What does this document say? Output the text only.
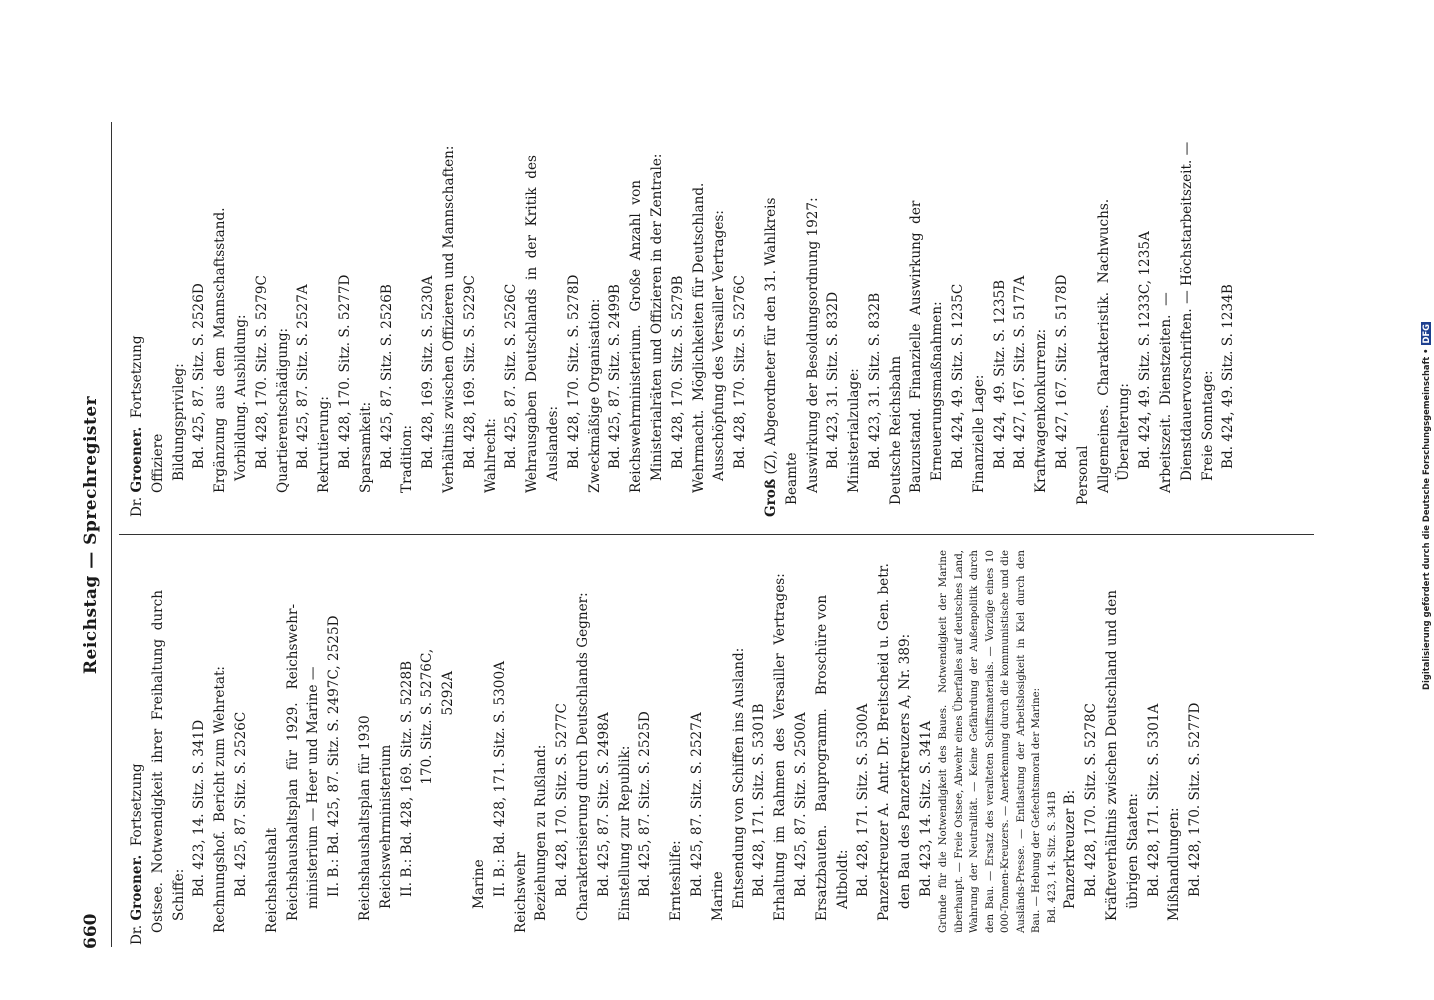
660
Reichstag — Sprechregister
Dr. Groener.  Fortsetzung Ostsee.  Notwendigkeit  ihrer  Freihaltung  durch Schiffe: Bd. 423, 14. Sitz. S. 341D Rechnungshof.  Bericht zum Wehretat: Bd. 425, 87. Sitz. S. 2526C Reichshaushalt Reichshaushaltsplan  für  1929.   Reichswehr- ministerium — Heer und Marine — II. B.: Bd. 425, 87. Sitz. S. 2497C, 2525D Reichshaushaltsplan für 1930 Reichswehrministerium II. B.: Bd. 428, 169. Sitz. S. 5228B 170. Sitz. S. 5276C, 5292A
Marine II. B.: Bd. 428, 171. Sitz. S. 5300A Reichswehr Beziehungen zu Rußland: Bd. 428, 170. Sitz. S. 5277C Charakterisierung durch Deutschlands Gegner: Bd. 425, 87. Sitz. S. 2498A Einstellung zur Republik: Bd. 425, 87. Sitz. S. 2525D Ernteshilfe: Bd. 425, 87. Sitz. S. 2527A Marine Entsendung von Schiffen ins Ausland: Bd. 428, 171. Sitz. S. 5301B Erhaltung  im  Rahmen  des  Versailler  Vertrages: Bd. 425, 87. Sitz. S. 2500A Ersatzbauten.   Bauprogramm.   Broschüre von Altboldt: Bd. 428, 171. Sitz. S. 5300A Panzerkreuzer A.  Antr. Dr. Breitscheid u. Gen. betr. den Bau des Panzerkreuzers A, Nr. 389: Bd. 423, 14. Sitz. S. 341A Gründe für die Notwendigkeit des Baues.  Notwendigkeit der Marine überhaupt. — Freie Ostsee, Abwehr eines Überfalles auf deutsches Land, Wahrung der Neutralität. — Keine Gefährdung der Außenpolitik durch den Bau. — Ersatz des veralteten Schiffsmaterials. — Vorzüge eines 10 000-Tonnen-Kreuzers. — Anerkennung durch die kommunistische und die Ausländs-Presse. — Entlastung der Arbeitslosigkeit in Kiel durch den Bau. — Hebung der Gefechtsmoral der Marine: Bd. 423, 14. Sitz. S. 341B Panzerkreuzer B: Bd. 428, 170. Sitz. S. 5278C Kräfteverhältnis zwischen Deutschland und den übrigen Staaten: Bd. 428, 171. Sitz. S. 5301A Mißhandlungen: Bd. 428, 170. Sitz. S. 5277D
Dr. Groener.  Fortsetzung
Offiziere Bildungsprivileg: Bd. 425, 87. Sitz. S. 2526D Ergänzung  aus  dem  Mannschaftsstand.  Vorbildung. Ausbildung: Bd. 428, 170. Sitz. S. 5279C Quartierentschädigung: Bd. 425, 87. Sitz. S. 2527A Rekrutierung: Bd. 428, 170. Sitz. S. 5277D Sparsamkeit: Bd. 425, 87. Sitz. S. 2526B Tradition: Bd. 428, 169. Sitz. S. 5230A Verhältnis zwischen Offizieren und Mannschaften: Bd. 428, 169. Sitz. S. 5229C Wahlrecht: Bd. 425, 87. Sitz. S. 2526C Wehrausgaben  Deutschlands  in  der  Kritik  des Auslandes: Bd. 428, 170. Sitz. S. 5278D Zweckmäßige Organisation: Bd. 425, 87. Sitz. S. 2499B Reichswehrministerium.   Große  Anzahl  von Ministerialräten und Offizieren in der Zentrale: Bd. 428, 170. Sitz. S. 5279B Wehrmacht.  Möglichkeiten für Deutschland. Ausschöpfung des Versailler Vertrages: Bd. 428, 170. Sitz. S. 5276C
Groß (Z), Abgeordneter für den 31. Wahlkreis Beamte Auswirkung der Besoldungsordnung 1927: Bd. 423, 31. Sitz. S. 832D Ministerialzulage: Bd. 423, 31. Sitz. S. 832B Deutsche Reichsbahn Bauzustand.  Finanzielle  Auswirkung  der  Erneuerungsmaßnahmen: Bd. 424, 49. Sitz. S. 1235C Finanzielle Lage: Bd. 424,  49. Sitz. S. 1235B Bd. 427, 167. Sitz. S. 5177A Kraftwagenkonkurrenz: Bd. 427, 167. Sitz. S. 5178D
Personal Allgemeines.  Charakteristik.  Nachwuchs.  Überalterung: Bd. 424, 49. Sitz. S. 1233C, 1235A Arbeitszeit.  Dienstzeiten.  —  Dienstdauervorschriften. — Höchstarbeitszeit. — Freie Sonntage: Bd. 424, 49. Sitz. S. 1234B	Digitalisierung gefördert durch die Deutsche Forschungsgemeinschaft •DFG
